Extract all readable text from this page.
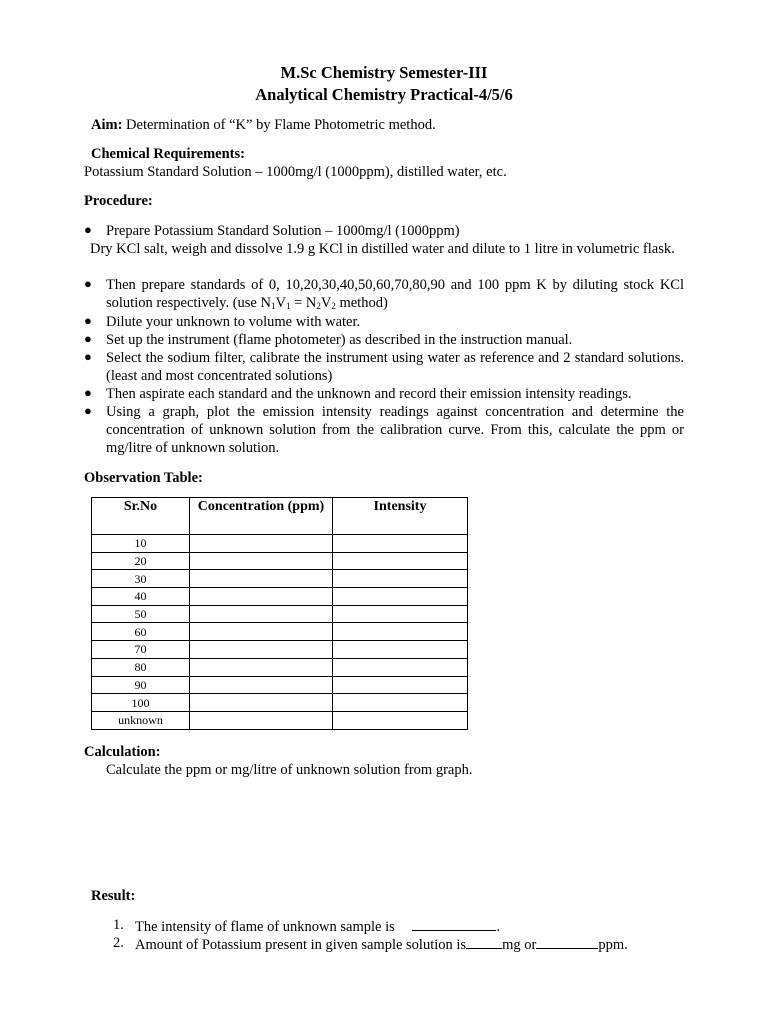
M.Sc Chemistry Semester-III
Analytical Chemistry Practical-4/5/6
Aim: Determination of “K” by Flame Photometric method.
Chemical Requirements:
Potassium Standard Solution – 1000mg/l (1000ppm), distilled water, etc.
Procedure:
● Prepare Potassium Standard Solution – 1000mg/l (1000ppm)
Dry KCl salt, weigh and dissolve 1.9 g KCl in distilled water and dilute to 1 litre in volumetric flask.
● Then prepare standards of 0, 10,20,30,40,50,60,70,80,90 and 100 ppm K by diluting stock KCl solution respectively. (use $N_1V_1 = N_2V_2$ method)
● Dilute your unknown to volume with water.
● Set up the instrument (flame photometer) as described in the instruction manual.
● Select the sodium filter, calibrate the instrument using water as reference and 2 standard solutions. (least and most concentrated solutions)
● Then aspirate each standard and the unknown and record their emission intensity readings.
● Using a graph, plot the emission intensity readings against concentration and determine the concentration of unknown solution from the calibration curve. From this, calculate the ppm or mg/litre of unknown solution.
Observation Table:
Sr.No	Concentration (ppm)	Intensity
10		
20		
30		
40		
50		
60		
70		
80		
90		
100		
unknown		
Calculation:
Calculate the ppm or mg/litre of unknown solution from graph.
Result:
1. The intensity of flame of unknown sample is	.
2. Amount of Potassium present in given sample solution is mg or	ppm.
